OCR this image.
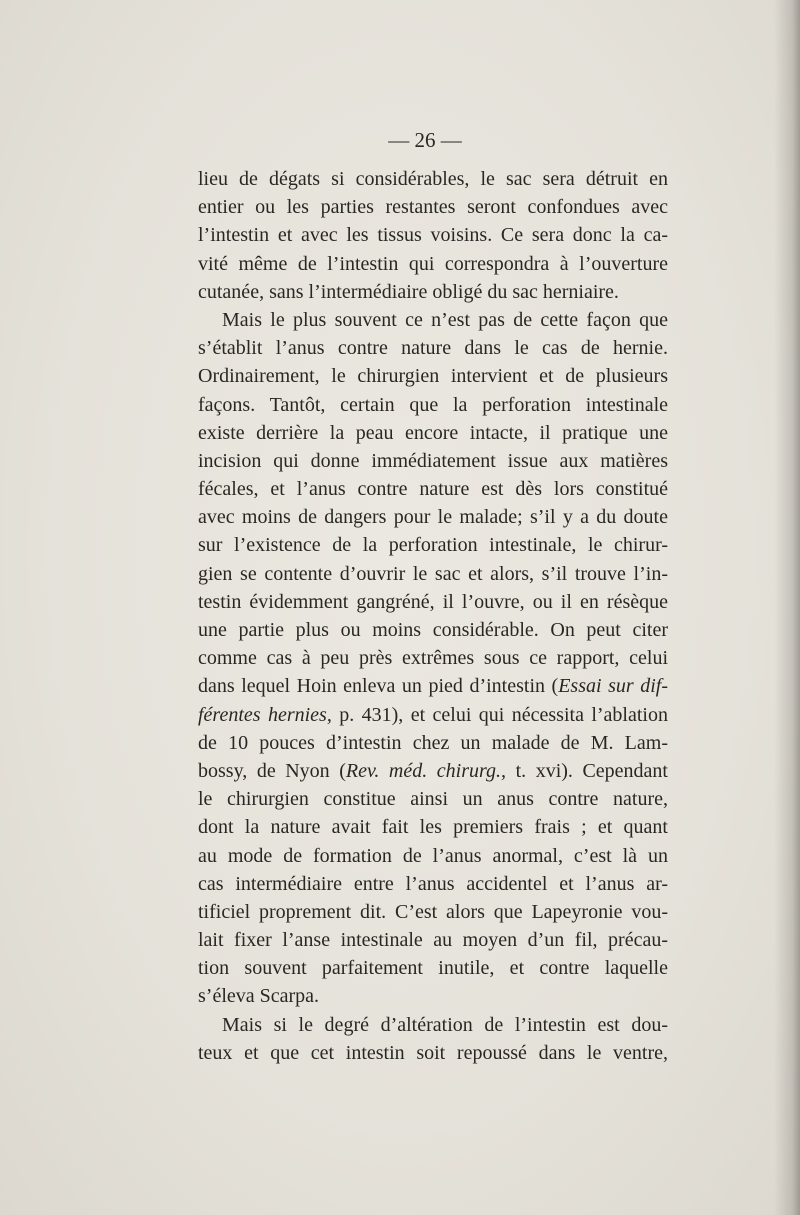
— 26 —
lieu de dégats si considérables, le sac sera détruit en
entier ou les parties restantes seront confondues avec
l’intestin et avec les tissus voisins. Ce sera donc la ca-
vité même de l’intestin qui correspondra à l’ouverture
cutanée, sans l’intermédiaire obligé du sac herniaire.
Mais le plus souvent ce n’est pas de cette façon que
s’établit l’anus contre nature dans le cas de hernie.
Ordinairement, le chirurgien intervient et de plusieurs
façons. Tantôt, certain que la perforation intestinale
existe derrière la peau encore intacte, il pratique une
incision qui donne immédiatement issue aux matières
fécales, et l’anus contre nature est dès lors constitué
avec moins de dangers pour le malade; s’il y a du doute
sur l’existence de la perforation intestinale, le chirur-
gien se contente d’ouvrir le sac et alors, s’il trouve l’in-
testin évidemment gangréné, il l’ouvre, ou il en résèque
une partie plus ou moins considérable. On peut citer
comme cas à peu près extrêmes sous ce rapport, celui
dans lequel Hoin enleva un pied d’intestin (Essai sur dif-
férentes hernies, p. 431), et celui qui nécessita l’ablation
de 10 pouces d’intestin chez un malade de M. Lam-
bossy, de Nyon (Rev. méd. chirurg., t. xvi). Cependant
le chirurgien constitue ainsi un anus contre nature,
dont la nature avait fait les premiers frais ; et quant
au mode de formation de l’anus anormal, c’est là un
cas intermédiaire entre l’anus accidentel et l’anus ar-
tificiel proprement dit. C’est alors que Lapeyronie vou-
lait fixer l’anse intestinale au moyen d’un fil, précau-
tion souvent parfaitement inutile, et contre laquelle
s’éleva Scarpa.
Mais si le degré d’altération de l’intestin est dou-
teux et que cet intestin soit repoussé dans le ventre,
